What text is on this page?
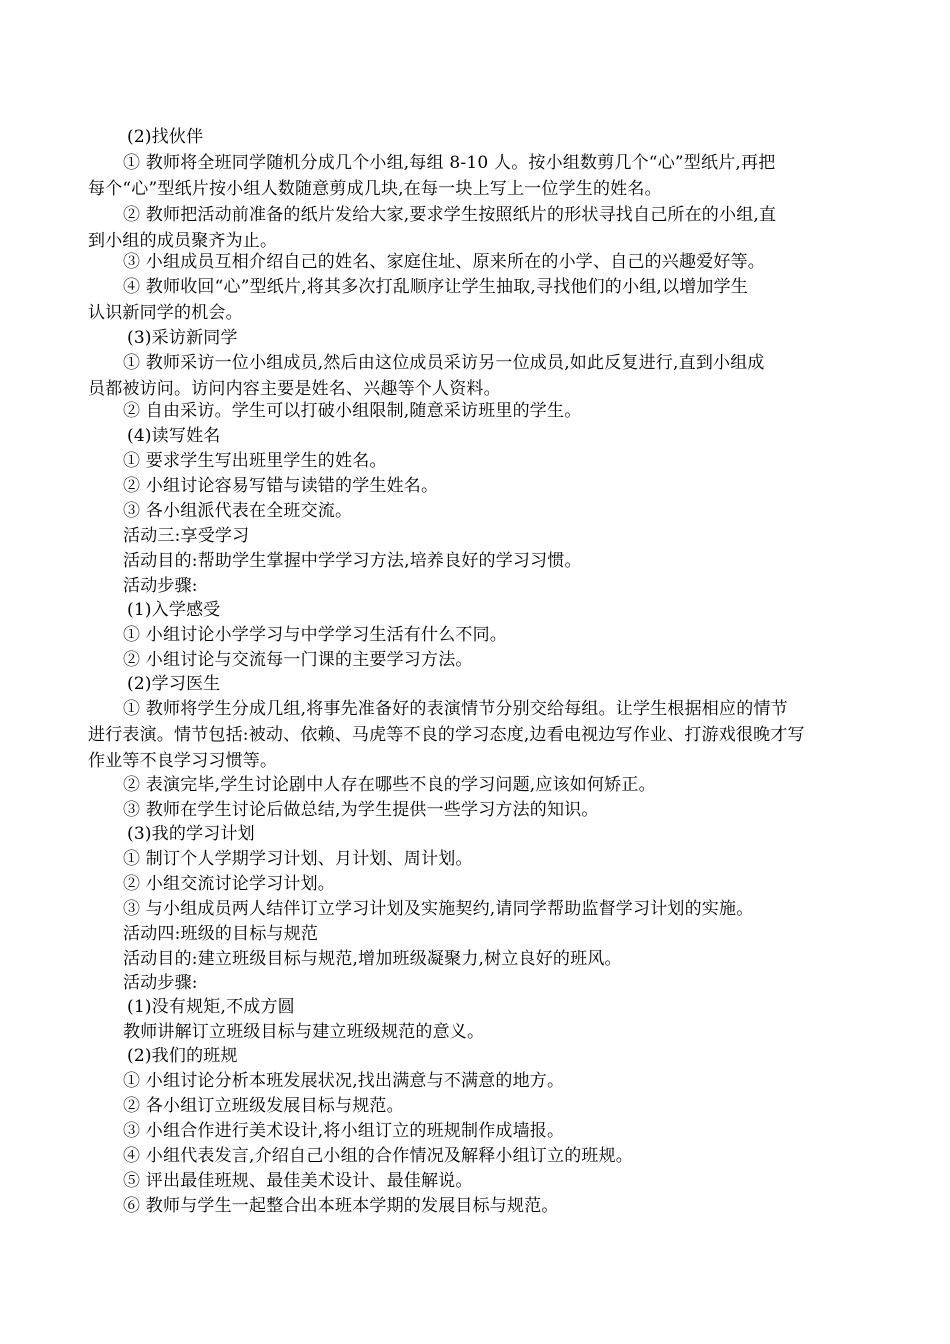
(2)找伙伴
① 教师将全班同学随机分成几个小组,每组 8-10 人。按小组数剪几个“心”型纸片,再把
每个“心”型纸片按小组人数随意剪成几块,在每一块上写上一位学生的姓名。
② 教师把活动前准备的纸片发给大家,要求学生按照纸片的形状寻找自己所在的小组,直
到小组的成员聚齐为止。
③ 小组成员互相介绍自己的姓名、家庭住址、原来所在的小学、自己的兴趣爱好等。
④ 教师收回“心”型纸片,将其多次打乱顺序让学生抽取,寻找他们的小组,以增加学生
认识新同学的机会。
(3)采访新同学
① 教师采访一位小组成员,然后由这位成员采访另一位成员,如此反复进行,直到小组成
员都被访问。访问内容主要是姓名、兴趣等个人资料。
② 自由采访。学生可以打破小组限制,随意采访班里的学生。
(4)读写姓名
① 要求学生写出班里学生的姓名。
② 小组讨论容易写错与读错的学生姓名。
③ 各小组派代表在全班交流。
活动三:享受学习
活动目的:帮助学生掌握中学学习方法,培养良好的学习习惯。
活动步骤:
(1)入学感受
① 小组讨论小学学习与中学学习生活有什么不同。
② 小组讨论与交流每一门课的主要学习方法。
(2)学习医生
① 教师将学生分成几组,将事先准备好的表演情节分别交给每组。让学生根据相应的情节
进行表演。情节包括:被动、依赖、马虎等不良的学习态度,边看电视边写作业、打游戏很晚才写
作业等不良学习习惯等。
② 表演完毕,学生讨论剧中人存在哪些不良的学习问题,应该如何矫正。
③ 教师在学生讨论后做总结,为学生提供一些学习方法的知识。
(3)我的学习计划
① 制订个人学期学习计划、月计划、周计划。
② 小组交流讨论学习计划。
③ 与小组成员两人结伴订立学习计划及实施契约,请同学帮助监督学习计划的实施。
活动四:班级的目标与规范
活动目的:建立班级目标与规范,增加班级凝聚力,树立良好的班风。
活动步骤:
(1)没有规矩,不成方圆
教师讲解订立班级目标与建立班级规范的意义。
(2)我们的班规
① 小组讨论分析本班发展状况,找出满意与不满意的地方。
② 各小组订立班级发展目标与规范。
③ 小组合作进行美术设计,将小组订立的班规制作成墙报。
④ 小组代表发言,介绍自己小组的合作情况及解释小组订立的班规。
⑤ 评出最佳班规、最佳美术设计、最佳解说。
⑥ 教师与学生一起整合出本班本学期的发展目标与规范。
